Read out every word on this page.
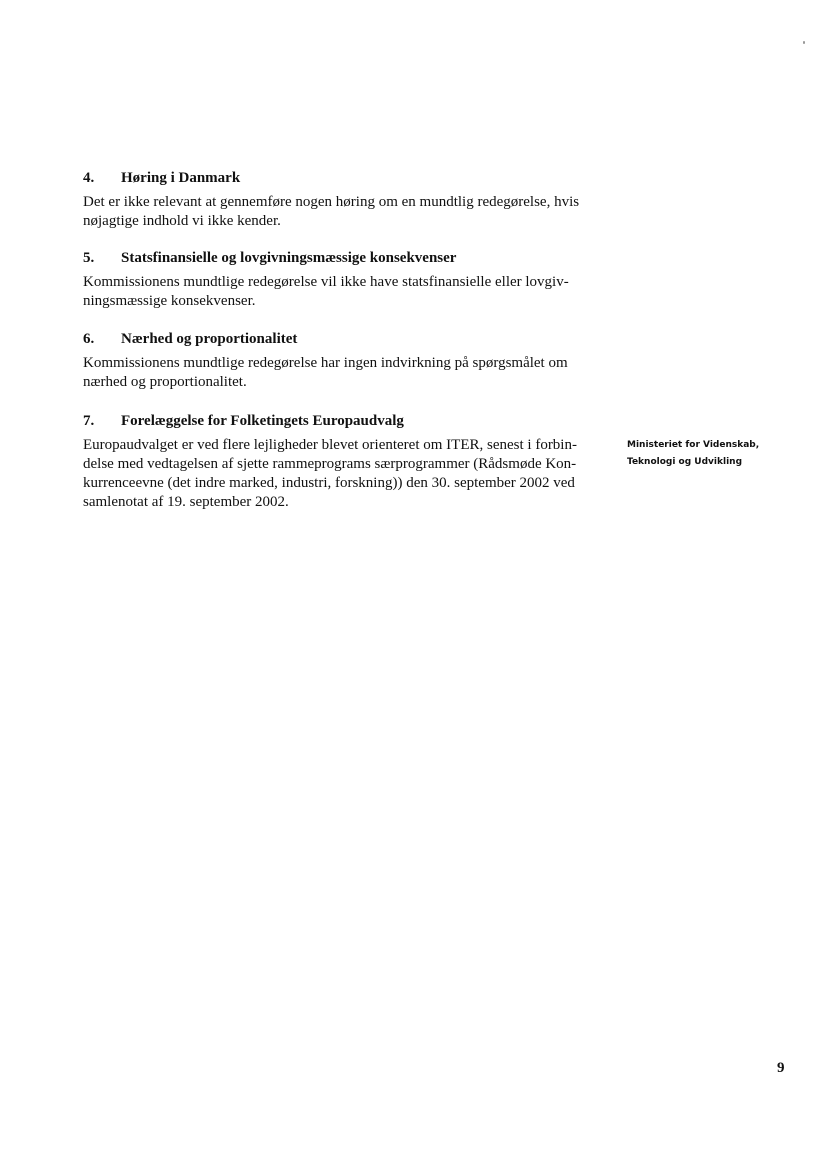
4.	Høring i Danmark

Det er ikke relevant at gennemføre nogen høring om en mundtlig redegørelse, hvis nøjagtige indhold vi ikke kender.

5.	Statsfinansielle og lovgivningsmæssige konsekvenser

Kommissionens mundtlige redegørelse vil ikke have statsfinansielle eller lovgiv-ningsmæssige konsekvenser.

6.	Nærhed og proportionalitet

Kommissionens mundtlige redegørelse har ingen indvirkning på spørgsmålet om nærhed og proportionalitet.

7.	Forelæggelse for Folketingets Europaudvalg

Europaudvalget er ved flere lejligheder blevet orienteret om ITER, senest i forbin-delse med vedtagelsen af sjette rammeprograms særprogrammer (Rådsmøde Kon-kurrenceevne (det indre marked, industri, forskning)) den 30. september 2002 ved samlenotat af 19. september 2002.

Ministeriet for Videnskab,
Teknologi og Udvikling
9
